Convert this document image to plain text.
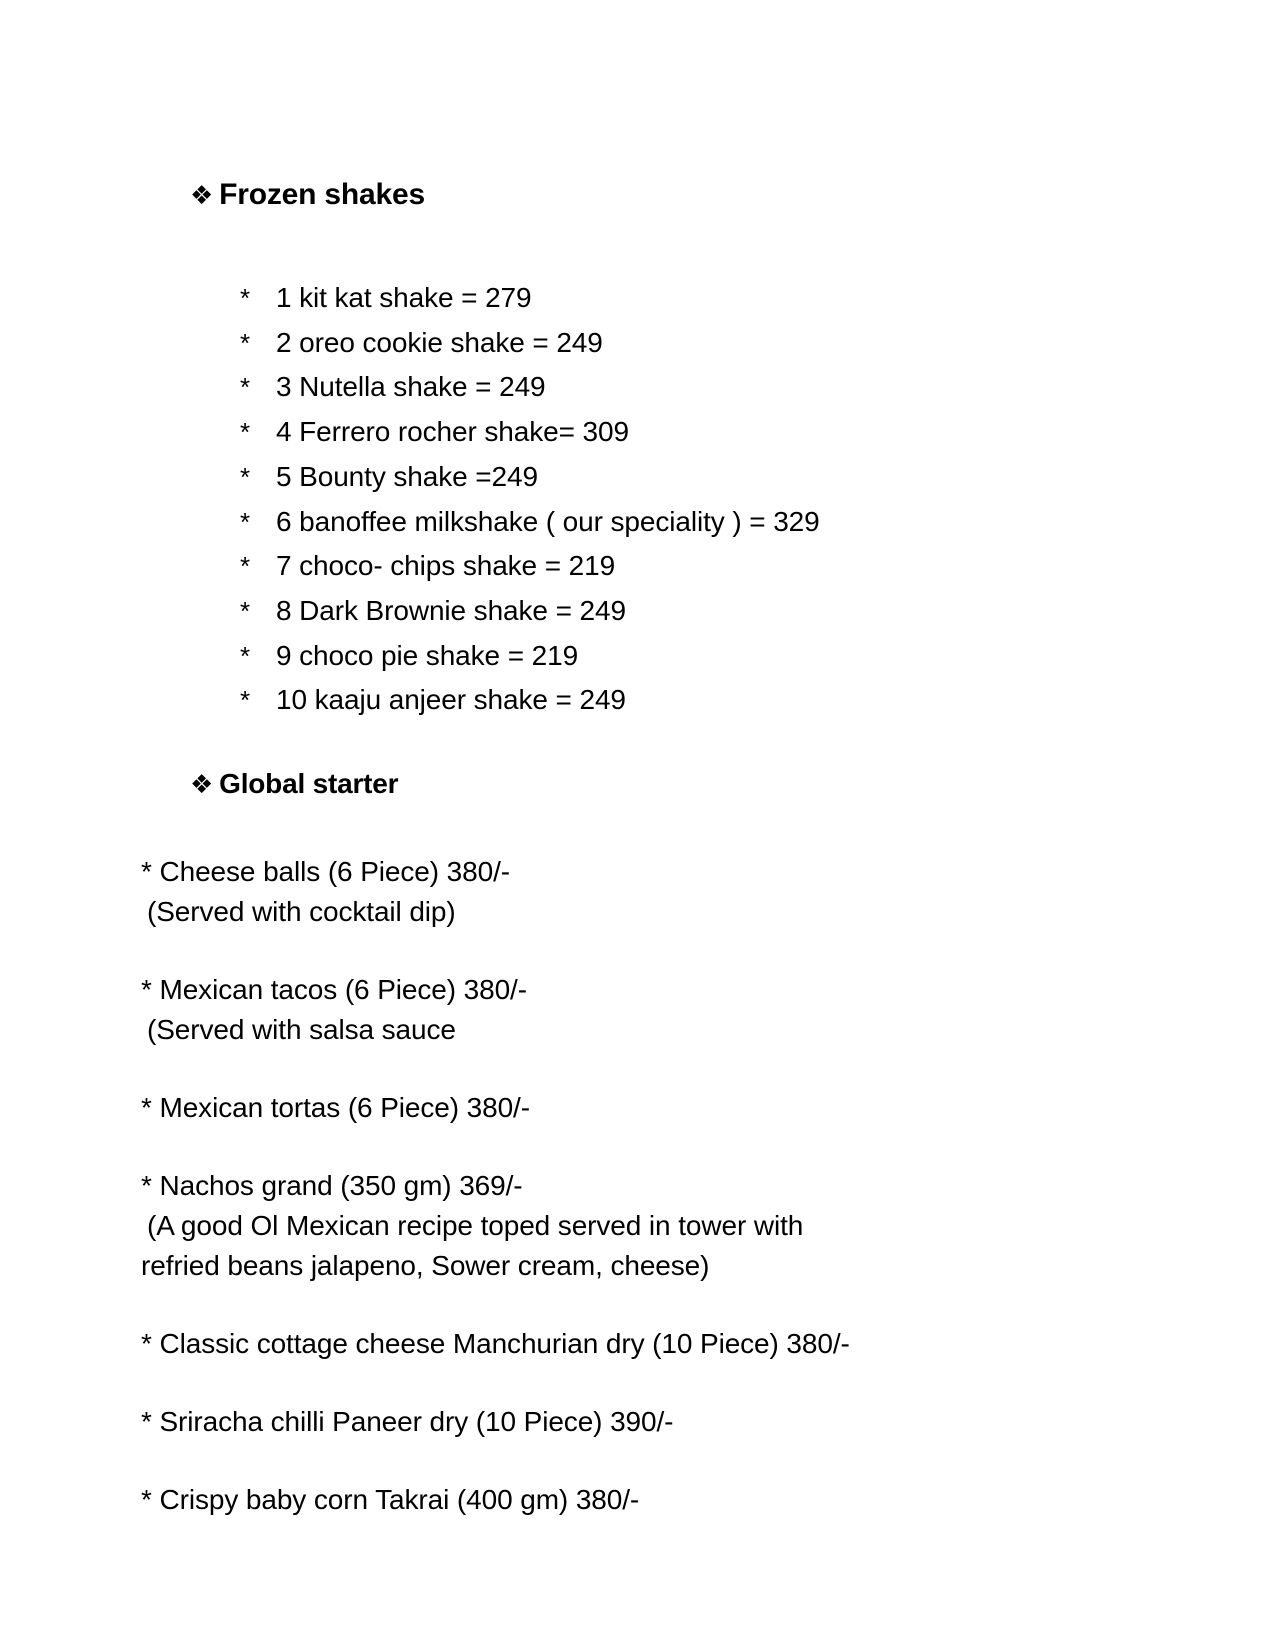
❖ Frozen shakes
* 1 kit kat shake = 279
* 2 oreo cookie shake = 249
* 3 Nutella shake = 249
* 4 Ferrero rocher shake= 309
* 5 Bounty shake =249
* 6 banoffee milkshake ( our speciality ) = 329
* 7 choco- chips shake = 219
* 8 Dark Brownie shake = 249
* 9 choco pie shake = 219
* 10 kaaju anjeer shake = 249
❖ Global starter
* Cheese balls (6 Piece) 380/-
(Served with cocktail dip)
* Mexican tacos (6 Piece) 380/-
(Served with salsa sauce
* Mexican tortas (6 Piece) 380/-
* Nachos grand (350 gm) 369/-
(A good Ol Mexican recipe toped served in tower with
refried beans jalapeno, Sower cream, cheese)
* Classic cottage cheese Manchurian dry (10 Piece) 380/-
* Sriracha chilli Paneer dry (10 Piece) 390/-
* Crispy baby corn Takrai (400 gm) 380/-
